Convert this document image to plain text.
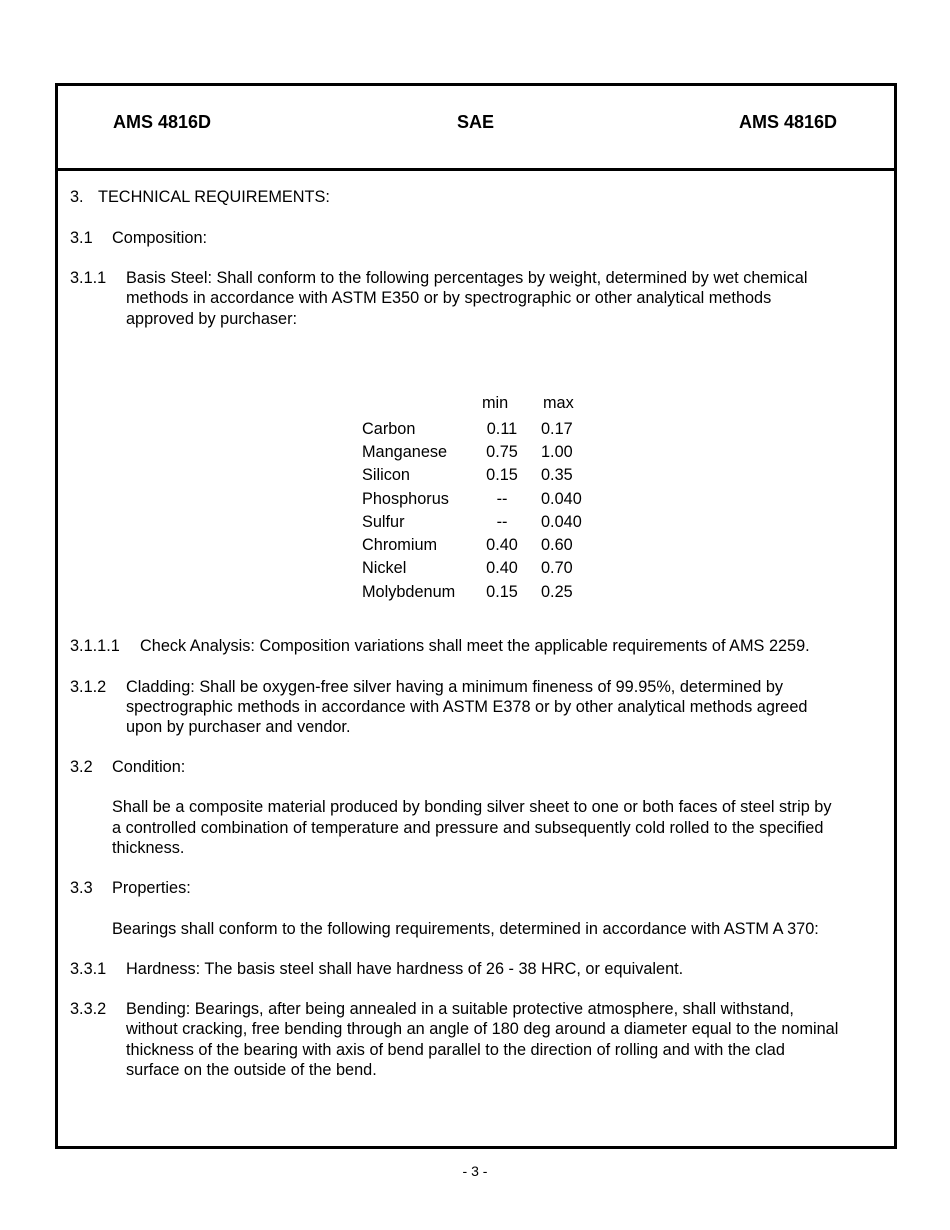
AMS 4816D	SAE	AMS 4816D
3. TECHNICAL REQUIREMENTS:
3.1 Composition:
3.1.1 Basis Steel: Shall conform to the following percentages by weight, determined by wet chemical
methods in accordance with ASTM E350 or by spectrographic or other analytical methods
approved by purchaser:
min max
Carbon	0.11	0.17
Manganese	0.75	1.00
Silicon	0.15	0.35
Phosphorus	--	0.040
Sulfur	--	0.040
Chromium	0.40	0.60
Nickel	0.40	0.70
Molybdenum	0.15	0.25
3.1.1.1 Check Analysis: Composition variations shall meet the applicable requirements of AMS 2259.
3.1.2 Cladding: Shall be oxygen-free silver having a minimum fineness of 99.95%, determined by
spectrographic methods in accordance with ASTM E378 or by other analytical methods agreed
upon by purchaser and vendor.
3.2 Condition:
Shall be a composite material produced by bonding silver sheet to one or both faces of steel strip by
a controlled combination of temperature and pressure and subsequently cold rolled to the specified
thickness.
3.3 Properties:
Bearings shall conform to the following requirements, determined in accordance with ASTM A 370:
3.3.1 Hardness: The basis steel shall have hardness of 26 - 38 HRC, or equivalent.
3.3.2 Bending: Bearings, after being annealed in a suitable protective atmosphere, shall withstand,
without cracking, free bending through an angle of 180 deg around a diameter equal to the nominal
thickness of the bearing with axis of bend parallel to the direction of rolling and with the clad
surface on the outside of the bend.
- 3 -
